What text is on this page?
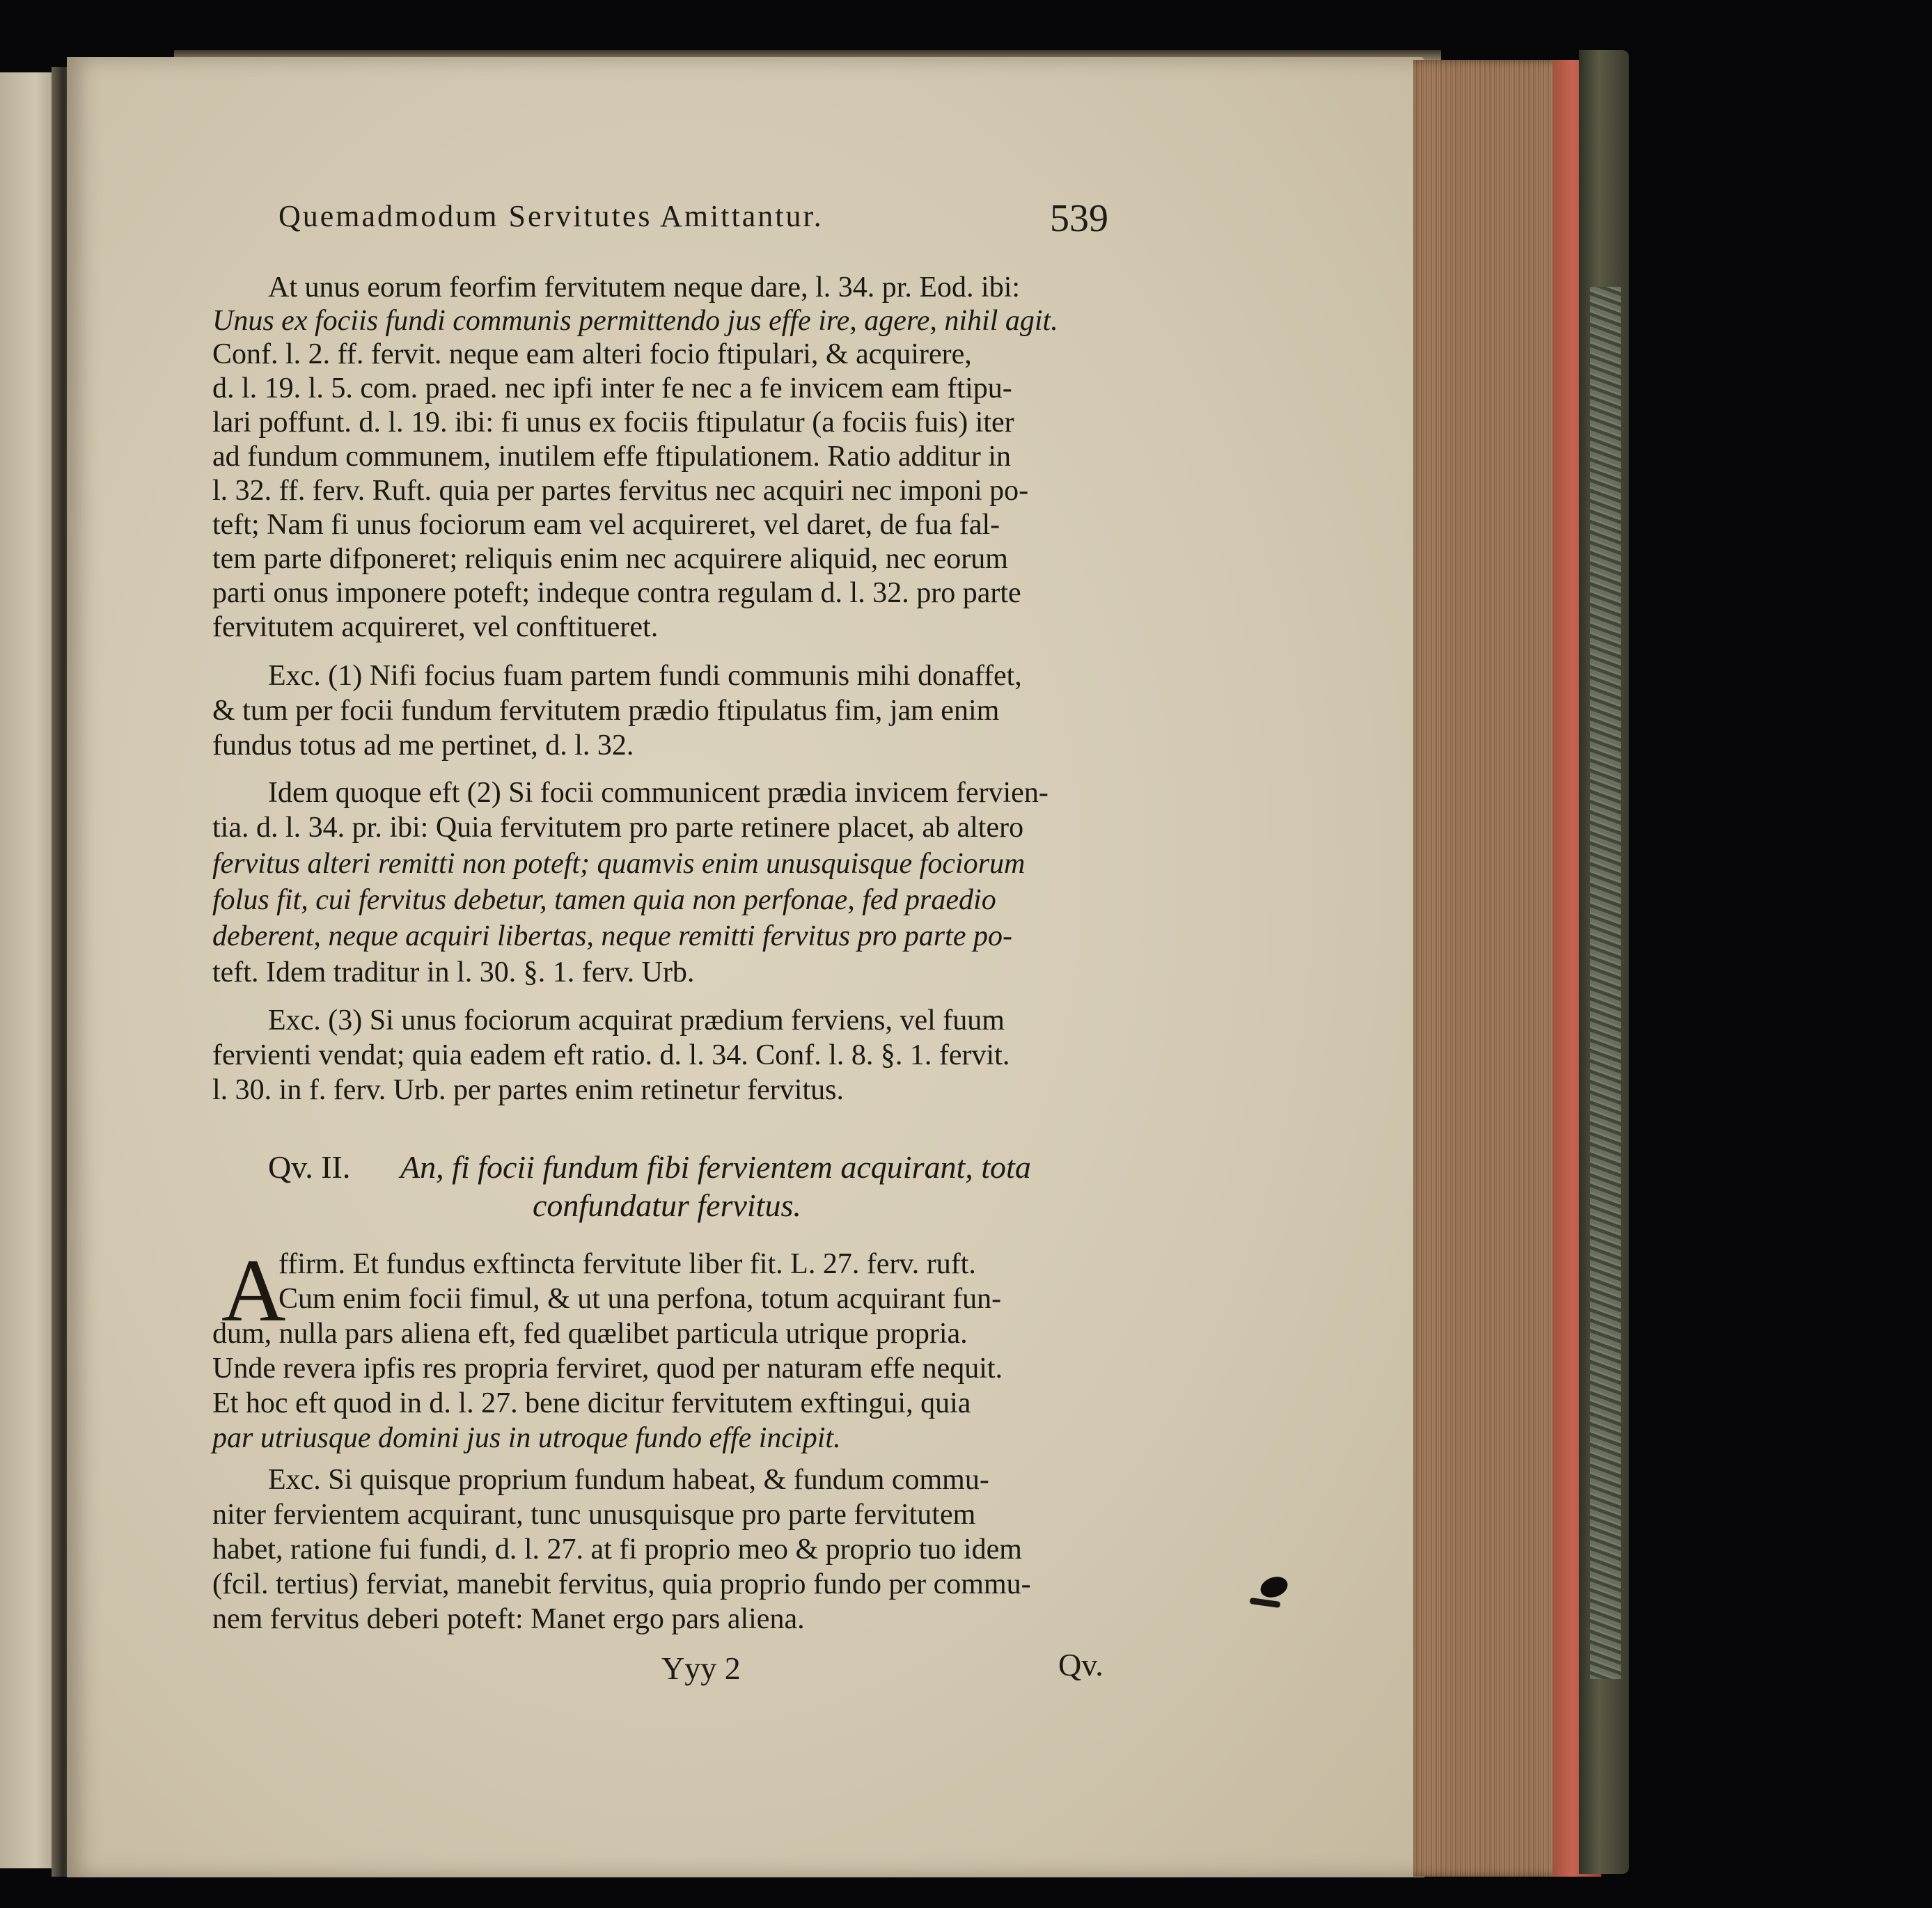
Quemadmodum Servitutes Amittantur.	539
At unus eorum feorfim fervitutem neque dare, l. 34. pr. Eod. ibi:
Unus ex fociis fundi communis permittendo jus effe ire, agere, nihil agit.
Conf. l. 2. ff. fervit. neque eam alteri focio ftipulari, & acquirere,
d. l. 19. l. 5. com. praed. nec ipfi inter fe nec a fe invicem eam ftipu-
lari poffunt. d. l. 19. ibi: fi unus ex fociis ftipulatur (a fociis fuis) iter
ad fundum communem, inutilem effe ftipulationem. Ratio additur in
l. 32. ff. ferv. Ruft. quia per partes fervitus nec acquiri nec imponi po-
teft; Nam fi unus fociorum eam vel acquireret, vel daret, de fua fal-
tem parte difponeret; reliquis enim nec acquirere aliquid, nec eorum
parti onus imponere poteft; indeque contra regulam d. l. 32. pro parte
fervitutem acquireret, vel conftitueret.
Exc. (1) Nifi focius fuam partem fundi communis mihi donaffet,
& tum per focii fundum fervitutem prædio ftipulatus fim, jam enim
fundus totus ad me pertinet, d. l. 32.
Idem quoque eft (2) Si focii communicent prædia invicem fervien-
tia. d. l. 34. pr. ibi: Quia fervitutem pro parte retinere placet, ab altero
fervitus alteri remitti non poteft; quamvis enim unusquisque fociorum
folus fit, cui fervitus debetur, tamen quia non perfonae, fed praedio
deberent, neque acquiri libertas, neque remitti fervitus pro parte po-
teft. Idem traditur in l. 30. §. 1. ferv. Urb.
Exc. (3) Si unus fociorum acquirat prædium ferviens, vel fuum
fervienti vendat; quia eadem eft ratio. d. l. 34. Conf. l. 8. §. 1. fervit.
l. 30. in f. ferv. Urb. per partes enim retinetur fervitus.
Qv. II. An, fi focii fundum fibi fervientem acquirant, tota
confundatur fervitus.
A
ffirm. Et fundus exftincta fervitute liber fit. L. 27. ferv. ruft.
Cum enim focii fimul, & ut una perfona, totum acquirant fun-
dum, nulla pars aliena eft, fed quælibet particula utrique propria.
Unde revera ipfis res propria ferviret, quod per naturam effe nequit.
Et hoc eft quod in d. l. 27. bene dicitur fervitutem exftingui, quia
par utriusque domini jus in utroque fundo effe incipit.
Exc. Si quisque proprium fundum habeat, & fundum commu-
niter fervientem acquirant, tunc unusquisque pro parte fervitutem
habet, ratione fui fundi, d. l. 27. at fi proprio meo & proprio tuo idem
(fcil. tertius) ferviat, manebit fervitus, quia proprio fundo per commu-
nem fervitus deberi poteft: Manet ergo pars aliena.
Yyy 2	Qv.
